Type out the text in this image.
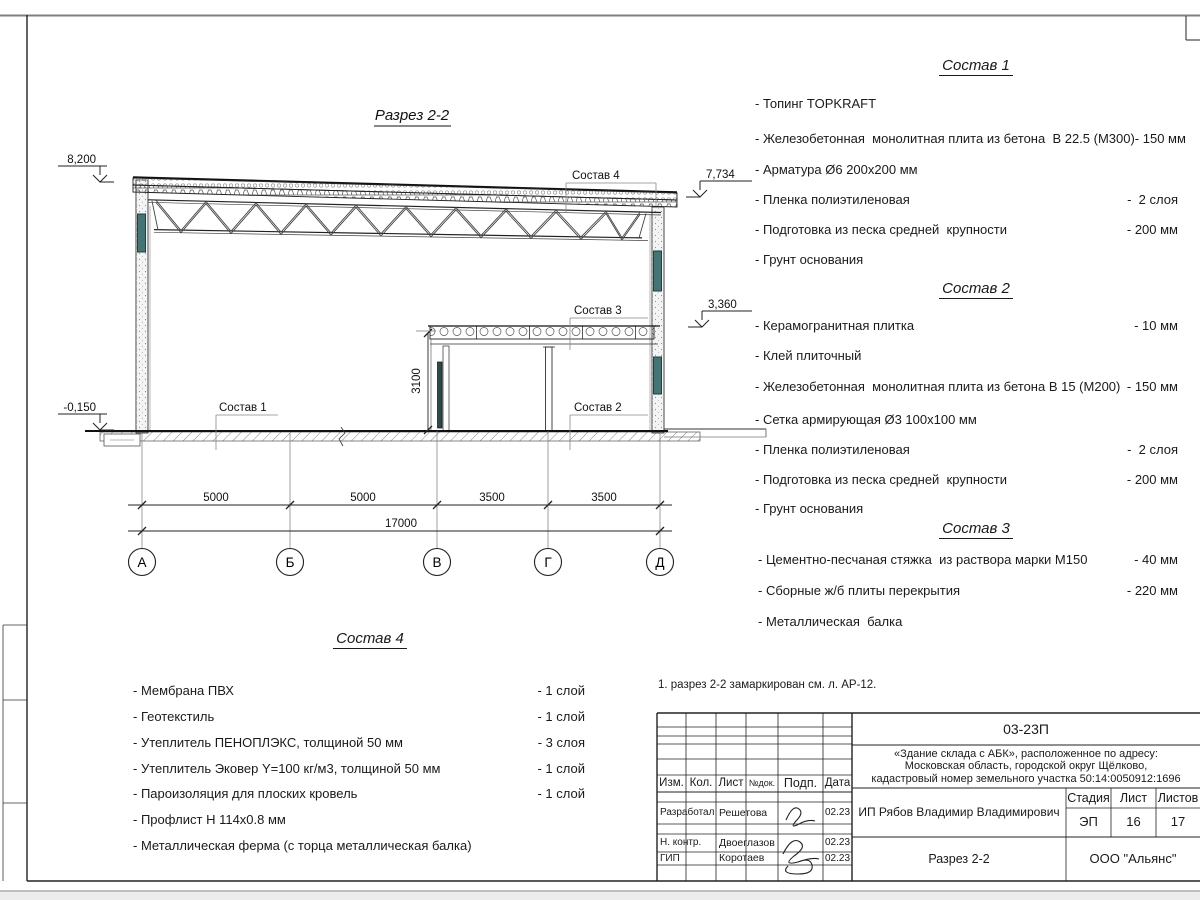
А	Б	В	Г	Д
5000	5000	3500	3500
17000
3100
8,200
-0,150
7,734
3,360
Состав 4
Состав 3
Состав 2
Состав 1
Разрез 2-2
Состав 1
- Топинг TOPKRAFT
- Железобетонная  монолитная плита из бетона  В 22.5 (М300)- 150 мм
- Арматура Ø6 200x200 мм
- Пленка полиэтиленовая	-  2 слоя
- Подготовка из песка средней  крупности	- 200 мм
- Грунт основания
Состав 2
- Керамогранитная плитка	- 10 мм
- Клей плиточный
- Железобетонная  монолитная плита из бетона В 15 (М200) - 150 мм
- Сетка армирующая Ø3 100x100 мм
- Пленка полиэтиленовая	-  2 слоя
- Подготовка из песка средней  крупности	- 200 мм
- Грунт основания
Состав 3
- Цементно-песчаная стяжка  из раствора марки М150	- 40 мм
- Сборные ж/б плиты перекрытия	- 220 мм
- Металлическая  балка
Состав 4
- Мембрана ПВХ	- 1 слой
- Геотекстиль	- 1 слой
- Утеплитель ПЕНОПЛЭКС, толщиной 50 мм	- 3 слоя
- Утеплитель Эковер Y=100 кг/м3, толщиной 50 мм	- 1 слой
- Пароизоляция для плоских кровель	- 1 слой
- Профлист Н 114х0.8 мм
- Металлическая ферма (с торца металлическая балка)
1. разрез 2-2 замаркирован см. л. АР-12.
03-23П
«Здание склада с АБК», расположенное по адресу:
Московская область, городской округ Щёлково,
кадастровый номер земельного участка 50:14:0050912:1696
ИП Рябов Владимир Владимирович
Стадия Лист Листов
ЭП	16	17
Разрез 2-2	ООО "Альянс"
Изм. Кол. Лист №док. Подп. Дата
Разработал Решетова	02.23
Н. контр.	Двоеглазов	02.23
ГИП	Коротаев	02.23
